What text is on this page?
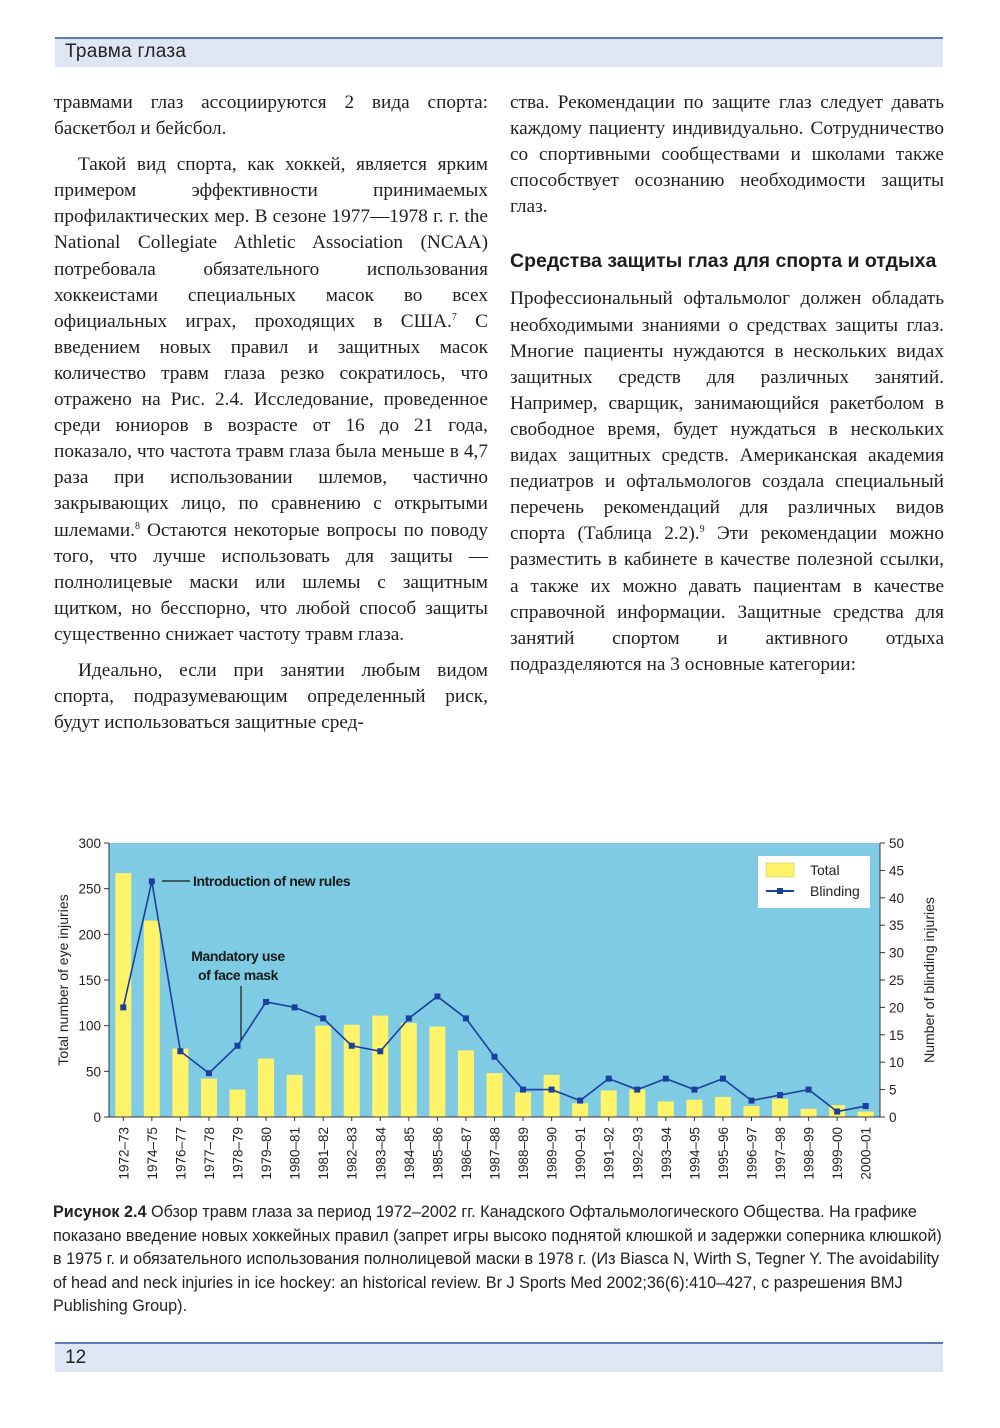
Травма глаза

травмами глаз ассоциируются 2 вида спорта: баскетбол и бейсбол.

Такой вид спорта, как хоккей, является ярким примером эффективности принимаемых профилактических мер. В сезоне 1977—1978 г. г. the National Collegiate Athletic Association (NCAA) потребовала обязательного использования хоккеистами специальных масок во всех официальных играх, проходящих в США.$^7$ С введением новых правил и защитных масок количество травм глаза резко сократилось, что отражено на Рис. 2.4. Исследование, проведенное среди юниоров в возрасте от 16 до 21 года, показало, что частота травм глаза была меньше в 4,7 раза при использовании шлемов, частично закрывающих лицо, по сравнению с открытыми шлемами.$^8$ Остаются некоторые вопросы по поводу того, что лучше использовать для защиты — полнолицевые маски или шлемы с защитным щитком, но бесспорно, что любой способ защиты существенно снижает частоту травм глаза.

Идеально, если при занятии любым видом спорта, подразумевающим определенный риск, будут использоваться защитные сред-

ства. Рекомендации по защите глаз следует давать каждому пациенту индивидуально. Сотрудничество со спортивными сообществами и школами также способствует осознанию необходимости защиты глаз.

Средства защиты глаз для спорта и отдыха

Профессиональный офтальмолог должен обладать необходимыми знаниями о средствах защиты глаз. Многие пациенты нуждаются в нескольких видах защитных средств для различных занятий. Например, сварщик, занимающийся ракетболом в свободное время, будет нуждаться в нескольких видах защитных средств. Американская академия педиатров и офтальмологов создала специальный перечень рекомендаций для различных видов спорта (Таблица 2.2).$^9$ Эти рекомендации можно разместить в кабинете в качестве полезной ссылки, а также их можно давать пациентам в качестве справочной информации. Защитные средства для занятий спортом и активного отдыха подразделяются на 3 основные категории:

0
50
100
150
200
250
300
0
5
10
15
20
25
30
35
40
45
50
1972–73 1974–75 1976–77 1977–78 1978–79 1979–80 1980–81 1981–82 1982–83 1983–84 1984–85 1985–86 1986–87 1987–88 1988–89 1989–90 1990–91 1991–92 1992–93 1993–94 1994–95 1995–96 1996–97 1997–98 1998–99 1999–00 2000–01
Total
Blinding
Introduction of new rules
Mandatory use
of face mask
Total number of eye injuries	Number of blinding injuries
Рисунок 2.4 Обзор травм глаза за период 1972–2002 гг. Канадского Офтальмологического Общества. На графике показано введение новых хоккейных правил (запрет игры высоко поднятой клюшкой и задержки соперника клюшкой) в 1975 г. и обязательного использования полнолицевой маски в 1978 г. (Из Biasca N, Wirth S, Tegner Y. The avoidability of head and neck injuries in ice hockey: an historical review. Br J Sports Med 2002;36(6):410–427, с разрешения BMJ Publishing Group).
12
